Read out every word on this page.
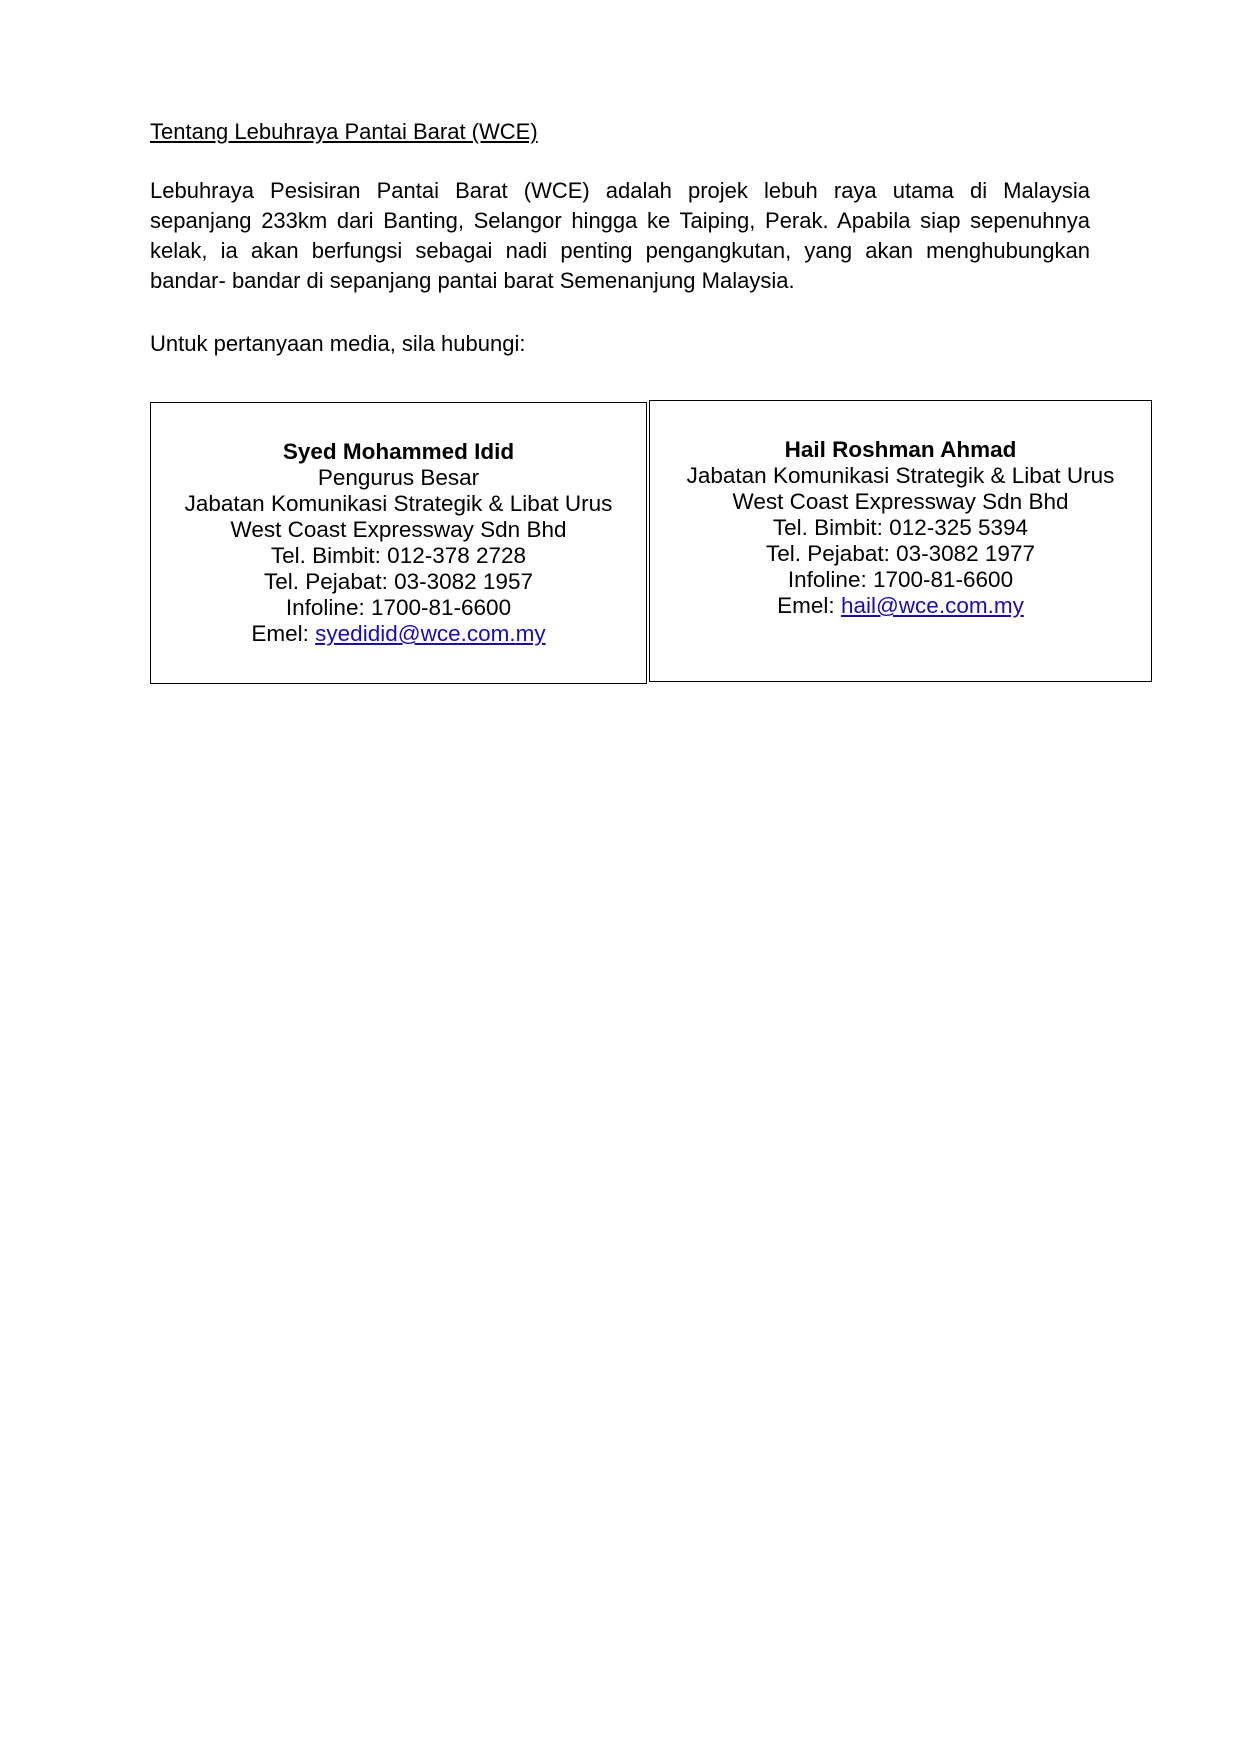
Tentang Lebuhraya Pantai Barat (WCE)
Lebuhraya Pesisiran Pantai Barat (WCE) adalah projek lebuh raya utama di Malaysia
sepanjang 233km dari Banting, Selangor hingga ke Taiping, Perak. Apabila siap sepenuhnya
kelak, ia akan berfungsi sebagai nadi penting pengangkutan, yang akan menghubungkan
bandar- bandar di sepanjang pantai barat Semenanjung Malaysia.
Untuk pertanyaan media, sila hubungi:
Syed Mohammed Idid
Pengurus Besar
Jabatan Komunikasi Strategik & Libat Urus
West Coast Expressway Sdn Bhd
Tel. Bimbit: 012-378 2728
Tel. Pejabat: 03-3082 1957
Infoline: 1700-81-6600
Emel: syedidid@wce.com.my
Hail Roshman Ahmad
Jabatan Komunikasi Strategik & Libat Urus
West Coast Expressway Sdn Bhd
Tel. Bimbit: 012-325 5394
Tel. Pejabat: 03-3082 1977
Infoline: 1700-81-6600
Emel: hail@wce.com.my
